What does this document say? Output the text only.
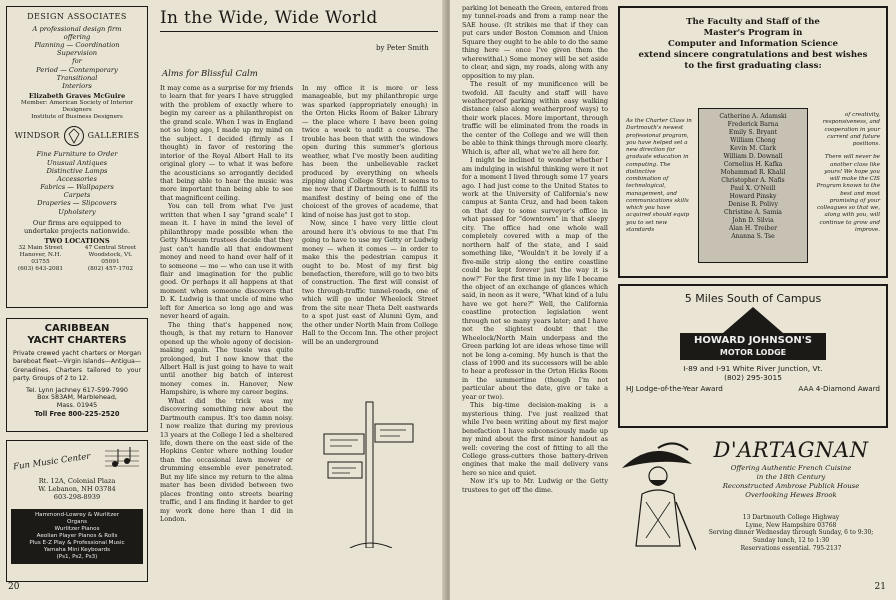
DESIGN ASSOCIATES
A professional design firm
offering
Planning — Coordination
Supervision
for
Period — Contemporary
Transitional
Interiors
Elizabeth Graves McGuire
Member: American Society of Interior
Designers
Institute of Business Designers
WINDSOR	GALLERIES
Fine Furniture to Order
Unusual Antiques
Distinctive Lamps
Accessories
Fabrics — Wallpapers
Carpets
Draperies — Slipcovers
Upholstery
Our firms are equipped to undertake projects nationwide.
TWO LOCATIONS
32 Main Street
Hanover, N.H.
03755
(603) 643-2081
47 Central Street
Woodstock, Vt.
05091
(802) 457-1702
CARIBBEAN
YACHT CHARTERS
Private crewed yacht charters or Morgan bareboat fleet—Virgin Islands—Antigua—Grenadines. Charters tailored to your party. Groups of 2 to 12.
Tel. Lynn Jachney 617-599-7990
Box 583AM, Marblehead,
Mass. 01945
Toll Free 800-225-2520
Fun Music Center
Rt. 12A, Colonial Plaza
W. Lebanon, NH 03784
603-298-8939
Hammond-Lowrey & Wurlitzer
Organs
Wurlitzer Pianos
Aeolian Player Pianos & Rolls
Plus E-Z Play & Professional Music
Yamaha Mini Keyboards
(Ps1, Ps2, Ps3)
In the Wide, Wide World
by Peter Smith
Alms for Blissful Calm

It may come as a surprise for my friends to learn that for years I have struggled with the problem of exactly where to begin my career as a philanthropist on the grand scale. When I was in England not so long ago, I made up my mind on the subject. I decided (firmly as I thought) in favor of restoring the interior of the Royal Albert Hall to its original glory — to what it was before the acousticians so arrogantly decided that being able to hear the music was more important than being able to see that magnificent ceiling.

You can tell from what I've just written that when I say "grand scale" I mean it. I have in mind the level of philanthropy made possible when the Getty Museum trustees decide that they just can't handle all that endowment money and need to hand over half of it to someone — me — who can use it with flair and imagination for the public good. Or perhaps it all happens at that moment when someone discovers that D. K. Ludwig is that uncle of mine who left for America so long ago and was never heard of again.

The thing that's happened now, though, is that my return to Hanover opened up the whole agony of decision-making again. The tussle was quite prolonged, but I now know that the Albert Hall is just going to have to wait until another big batch of interest money comes in. Hanover, New Hampshire, is where my career begins.

What did the trick was my discovering something new about the Dartmouth campus. It's too damn noisy. I now realize that during my previous 13 years at the College I led a sheltered life, down there on the east side of the Hopkins Center where nothing louder than the occasional lawn mower or drumming ensemble ever penetrated. But my life since my return to the alma mater has been divided between two places fronting onto streets bearing traffic, and I am finding it harder to get my work done here than I did in London.

In my office it is more or less manageable, but my philanthropic urge was sparked (appropriately enough) in the Orton Hicks Room of Baker Library — the place where I have been going twice a week to audit a course. The trouble has been that with the windows open during this summer's glorious weather, what I've mostly been auditing has been the unbelievable racket produced by everything on wheels zipping along College Street. It seems to me now that if Dartmouth is to fulfill its manifest destiny of being one of the choicest of the groves of academe, that kind of noise has just got to stop.

Now, since I have very little clout around here it's obvious to me that I'm going to have to use my Getty or Ludwig money — when it comes — in order to make this the pedestrian campus it ought to be. Most of my first big benefaction, therefore, will go to two bits of construction. The first will consist of two through-traffic tunnel-roads, one of which will go under Wheelock Street from the site near Theta Delt eastwards to a spot just east of Alumni Gym, and the other under North Main from College Hall to the Occom Inn. The other project will be an underground

20

parking lot beneath the Green, entered from my tunnel-roads and from a ramp near the SAE house. (It strikes me that if they can put cars under Boston Common and Union Square they ought to be able to do the same thing here — once I've given them the wherewithal.) Some money will be set aside to clear, and sign, my roads, along with any opposition to my plan.

The result of my munificence will be twofold. All faculty and staff will have weatherproof parking within easy walking distance (also along weatherproof ways) to their work places. More important, through traffic will be eliminated from the roads in the center of the College and we will then be able to think things through more clearly. Which is, after all, what we're all here for.

I might be inclined to wonder whether I am indulging in wishful thinking were it not for a moment I lived through some 17 years ago. I had just come to the United States to work at the University of California's new campus at Santa Cruz, and had been taken on that day to some surveyor's office in what passed for "downtown" in that sleepy city. The office had one whole wall completely covered with a map of the northern half of the state, and I said something like, "Wouldn't it be lovely if a five-mile strip along the entire coastline could be kept forever just the way it is now?" For the first time in my life I became the object of an exchange of glances which said, in neon as it were, "What kind of a lulu have we got here?" Well, the California coastline protection legislation went through not so many years later; and I have not the slightest doubt that the Wheelock/North Main underpass and the Green parking lot are ideas whose time will not be long a-coming. My hunch is that the class of 1990 and its successors will be able to hear a professor in the Orton Hicks Room in the summertime (though I'm not particular about the date, give or take a year or two).

This big-time decision-making is a mysterious thing. I've just realized that while I've been writing about my first major benefaction I have subconsciously made up my mind about the first minor handout as well: covering the cost of fitting to all the College grass-cutters those battery-driven engines that make the mail delivery vans here so nice and quiet.

Now it's up to Mr. Ludwig or the Getty trustees to get off the dime.

The Faculty and Staff of the
Master's Program in
Computer and Information Science
extend sincere congratulations and best wishes
to the first graduating class:
As the Charter Class in Dartmouth's newest professional program, you have helped set a new direction for graduate education in computing. The distinctive combination of technological, management, and communications skills which you have acquired should equip you to set new standards
Catherine A. Adamski
Frederick Barna
Emily S. Bryant
William Chong
Kevin M. Clark
William D. Downall
Cornelius H. Kafka
Mohammad R. Khalil
Christopher A. Nafis
Paul X. O'Neill
Howard Pinsky
Denise R. Polivy
Christine A. Samia
John D. Silvia
Alan H. Treiber
Ananna S. Tse
of creativity, responsiveness, and cooperation in your current and future positions.
There will never be another class like yours! We hope you will make the CIS Program known to the best and most promising of your colleagues so that we, along with you, will continue to grow and improve.
5 Miles South of Campus
HOWARD JOHNSON'S
MOTOR LODGE
I-89 and I-91 White River Junction, Vt.
(802) 295-3015
HJ Lodge-of-the-Year Award	AAA 4-Diamond Award
D'ARTAGNAN
Offering Authentic French Cuisine
in the 18th Century
Reconstructed Ambrose Publick House
Overlooking Hewes Brook
13 Dartmouth College Highway
Lyme, New Hampshire 03768
Serving dinner Wednesday through Sunday, 6 to 9:30;
Sunday lunch, 12 to 1:30
Reservations essential. 795-2137
21
